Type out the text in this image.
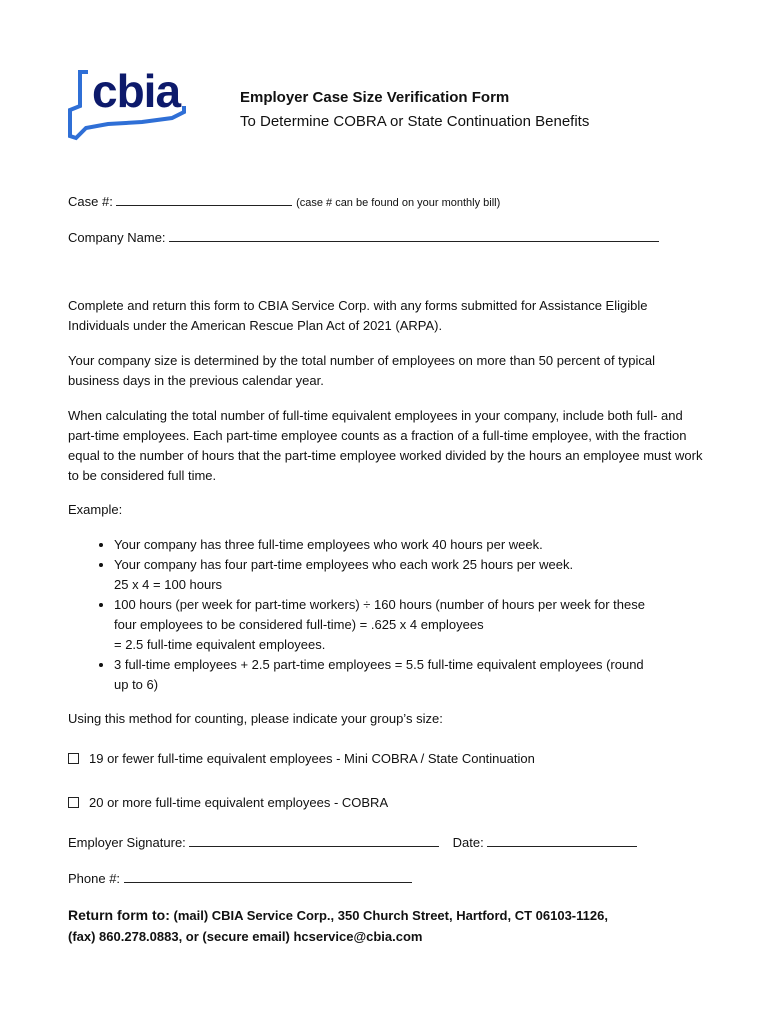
cbia	Employer Case Size Verification Form
To Determine COBRA or State Continuation Benefits
Case #:	(case # can be found on your monthly bill)
Company Name:
Complete and return this form to CBIA Service Corp. with any forms submitted for Assistance Eligible Individuals under the American Rescue Plan Act of 2021 (ARPA).
Your company size is determined by the total number of employees on more than 50 percent of typical business days in the previous calendar year.
When calculating the total number of full-time equivalent employees in your company, include both full- and part-time employees. Each part-time employee counts as a fraction of a full-time employee, with the fraction equal to the number of hours that the part-time employee worked divided by the hours an employee must work to be considered full time.
Example:
• Your company has three full-time employees who work 40 hours per week.
• Your company has four part-time employees who each work 25 hours per week.
25 x 4 = 100 hours
• 100 hours (per week for part-time workers) ÷ 160 hours (number of hours per week for these
four employees to be considered full-time) = .625 x 4 employees
= 2.5 full-time equivalent employees.
• 3 full-time employees + 2.5 part-time employees = 5.5 full-time equivalent employees (round
up to 6)
Using this method for counting, please indicate your group’s size:
19 or fewer full-time equivalent employees - Mini COBRA / State Continuation
20 or more full-time equivalent employees - COBRA
Employer Signature:	Date:
Phone #:
Return form to: (mail) CBIA Service Corp., 350 Church Street, Hartford, CT 06103-1126,
(fax) 860.278.0883, or (secure email) hcservice@cbia.com
